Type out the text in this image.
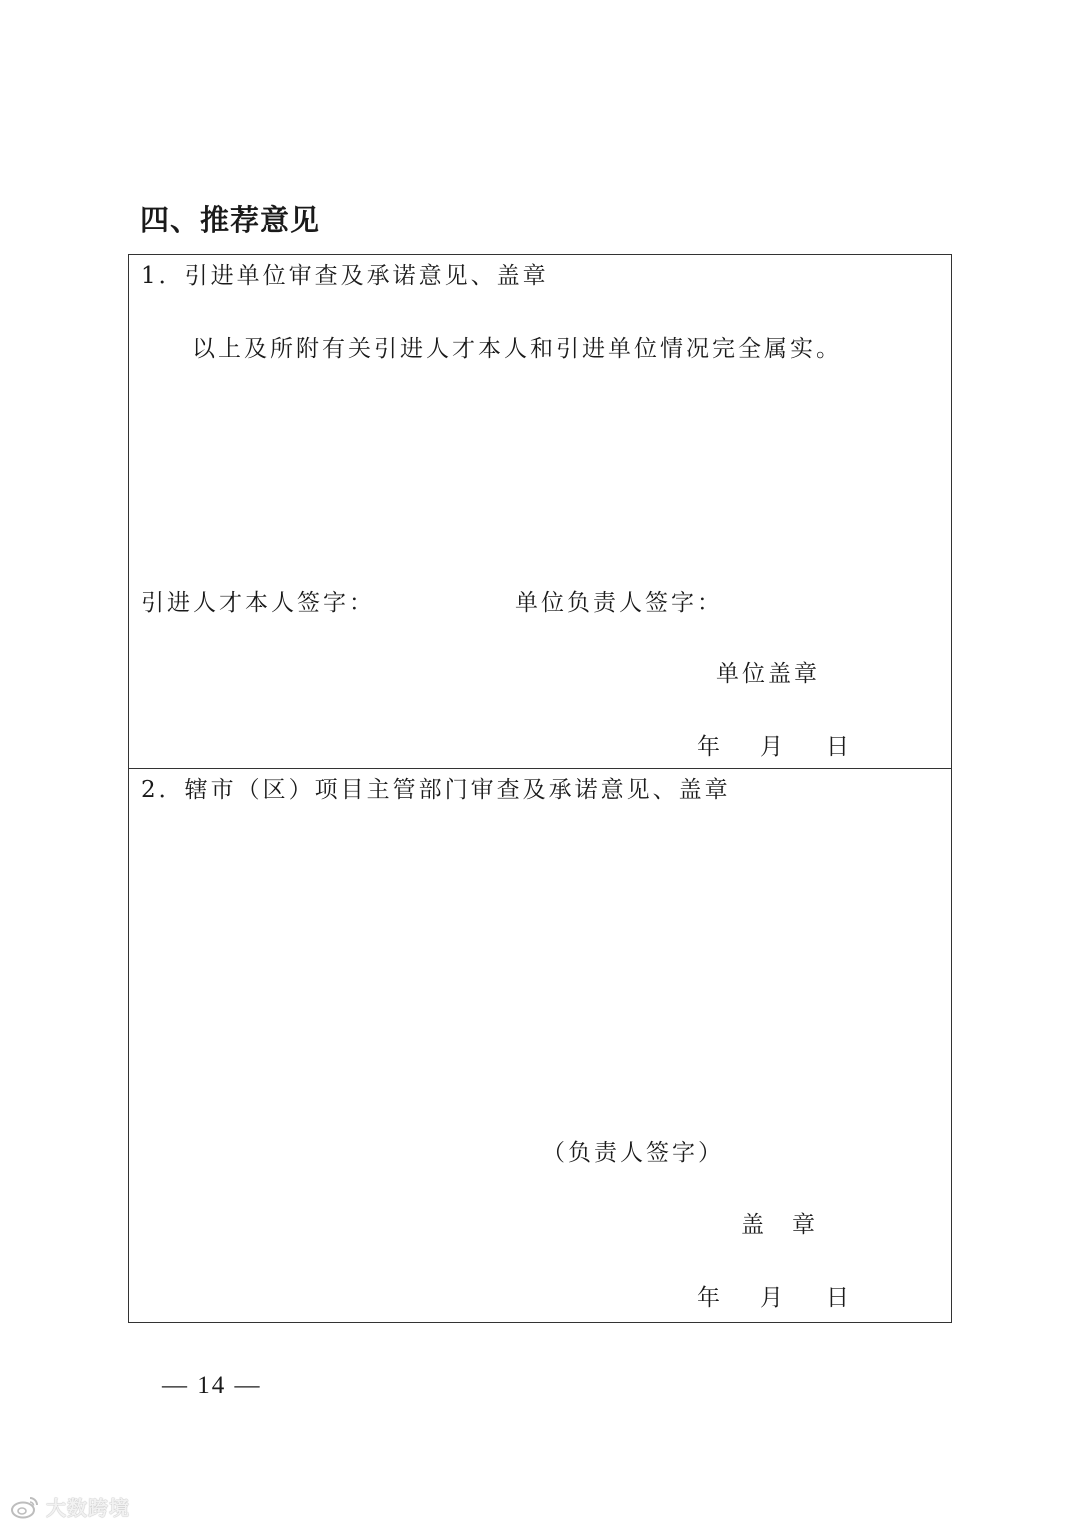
四、推荐意见
1．引进单位审查及承诺意见、盖章
以上及所附有关引进人才本人和引进单位情况完全属实。
引进人才本人签字：	单位负责人签字：
单位盖章
年 月 日
2．辖市（区）项目主管部门审查及承诺意见、盖章
（负责人签字）
盖 章
年 月 日
— 14 —
大数跨境
